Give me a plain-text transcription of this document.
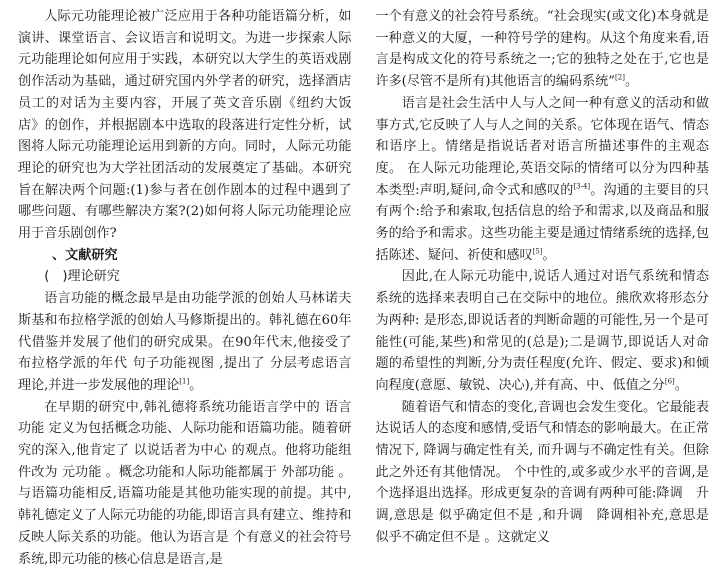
人际元功能理论被广泛应用于各种功能语篇分析，如演讲、课堂语言、会议语言和说明文。为进一步探索人际元功能理论如何应用于实践，本研究以大学生的英语戏剧创作活动为基础，通过研究国内外学者的研究，选择酒店员工的对话为主要内容，开展了英文音乐剧《纽约大饭店》的创作，并根据剧本中选取的段落进行定性分析，试图将人际元功能理论运用到新的方向。同时，人际元功能理论的研究也为大学社团活动的发展奠定了基础。本研究旨在解决两个问题:(1)参与者在创作剧本的过程中遇到了哪些问题、有哪些解决方案?(2)如何将人际元功能理论应用于音乐剧创作?

、文献研究
(　)理论研究

语言功能的概念最早是由功能学派的创始人马林诺夫斯基和布拉格学派的创始人马修斯提出的。韩礼德在60年代借鉴并发展了他们的研究成果。在90年代末,他接受了布拉格学派的年代 句子功能视图 ,提出了 分层考虑语言 理论,并进一步发展他的理论[1]。

在早期的研究中,韩礼德将系统功能语言学中的 语言功能 定义为包括概念功能、人际功能和语篇功能。随着研究的深入,他肯定了 以说话者为中心 的观点。他将功能组件改为 元功能 。概念功能和人际功能都属于 外部功能 。与语篇功能相反,语篇功能是其他功能实现的前提。其中,韩礼德定义了人际元功能的功能,即语言具有建立、维持和反映人际关系的功能。他认为语言是 个有意义的社会符号系统,即元功能的核心信息是语言,是

一个有意义的社会符号系统。“社会现实(或文化)本身就是一种意义的大厦，一种符号学的建构。从这个角度来看,语言是构成文化的符号系统之一;它的独特之处在于,它也是许多(尽管不是所有)其他语言的编码系统”[2]。

语言是社会生活中人与人之间一种有意义的活动和做事方式,它反映了人与人之间的关系。它体现在语气、情态和语序上。情绪是指说话者对语言所描述事件的主观态度。 在人际元功能理论,英语交际的情绪可以分为四种基本类型:声明,疑问,命令式和感叹的[3-4]。沟通的主要目的只有两个:给予和索取,包括信息的给予和需求,以及商品和服务的给予和需求。这些功能主要是通过情绪系统的选择,包括陈述、疑问、祈使和感叹[5]。

因此,在人际元功能中,说话人通过对语气系统和情态系统的选择来表明自己在交际中的地位。熊欣欢将形态分为两种: 是形态,即说话者的判断命题的可能性,另一个是可能性(可能,某些)和常见的(总是);二是调节,即说话人对命题的希望性的判断,分为责任程度(允许、假定、要求)和倾向程度(意愿、敏锐、决心),并有高、中、低值之分[6]。

随着语气和情态的变化,音调也会发生变化。它最能表达说话人的态度和感情,受语气和情态的影响最大。在正常情况下, 降调与确定性有关, 而升调与不确定性有关。但除此之外还有其他情况。 个中性的,或多或少水平的音调,是 个选择退出选择。形成更复杂的音调有两种可能:降调　升调,意思是 似乎确定但不是 ,和升调　降调相补充,意思是 似乎不确定但不是 。这就定义
